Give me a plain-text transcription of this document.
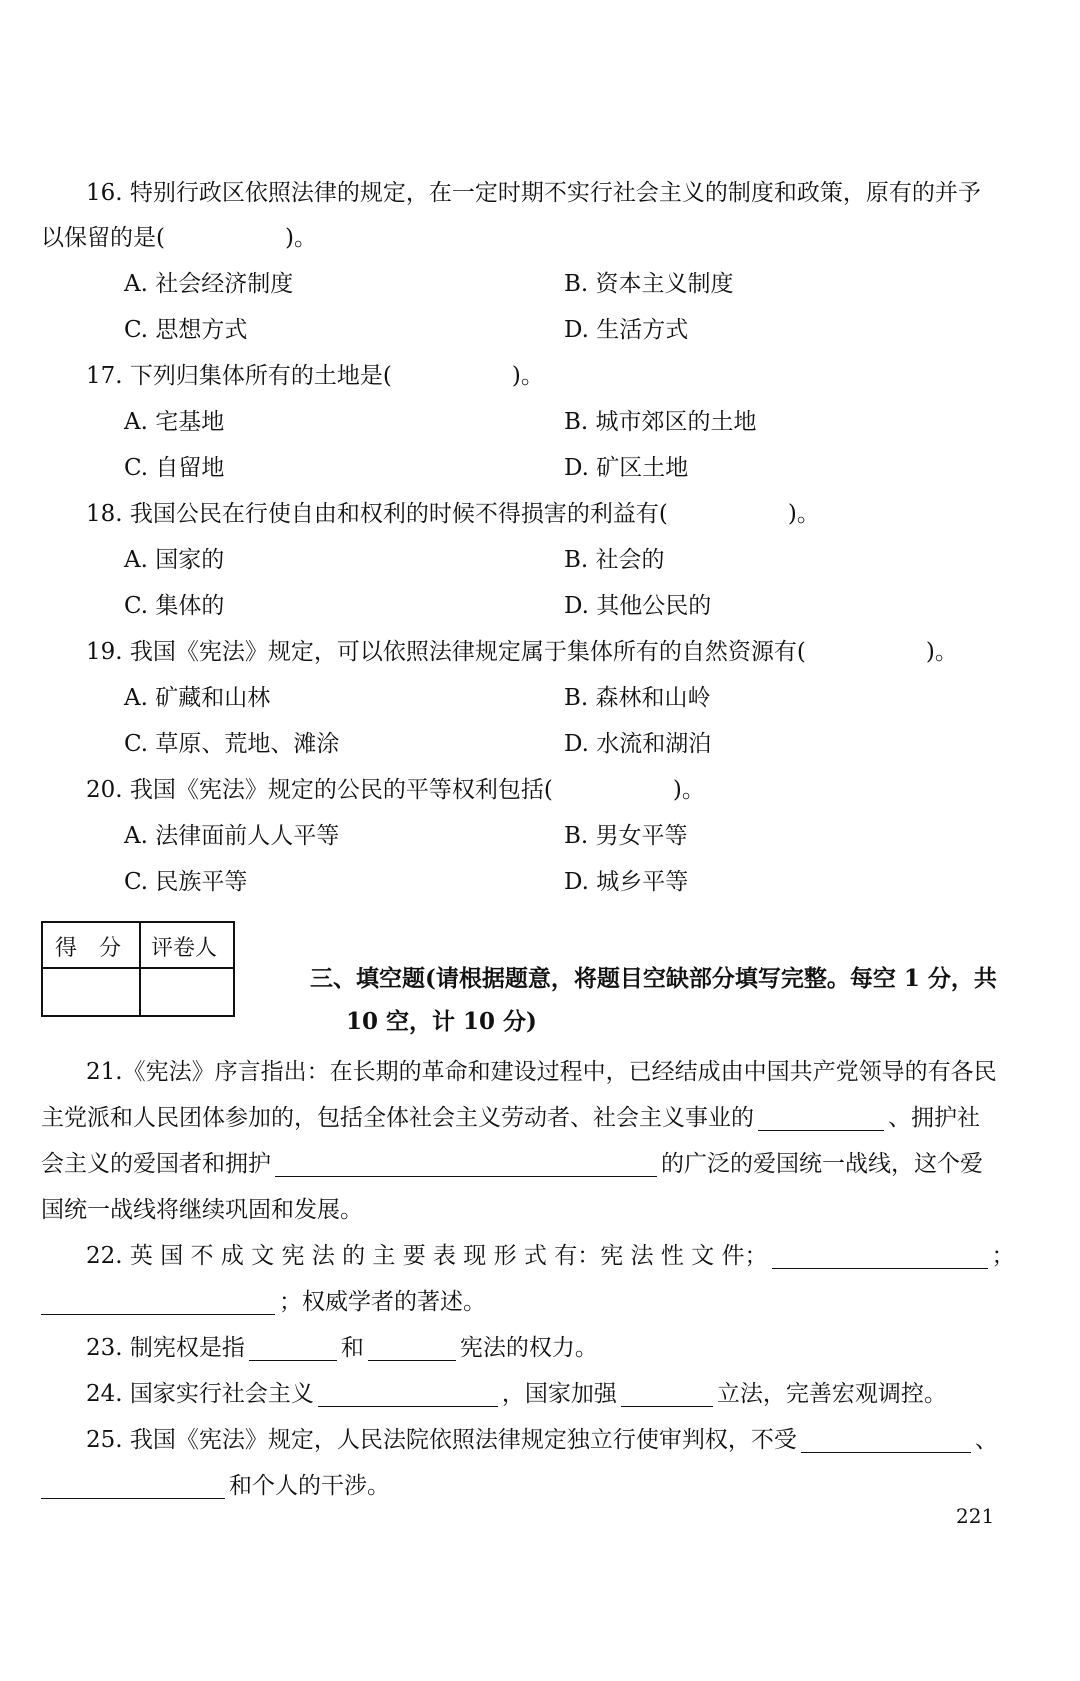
16. 特别行政区依照法律的规定，在一定时期不实行社会主义的制度和政策，原有的并予
以保留的是(	)。
A. 社会经济制度	B. 资本主义制度
C. 思想方式	D. 生活方式
17. 下列归集体所有的土地是(	)。
A. 宅基地	B. 城市郊区的土地
C. 自留地	D. 矿区土地
18. 我国公民在行使自由和权利的时候不得损害的利益有(	)。
A. 国家的	B. 社会的
C. 集体的	D. 其他公民的
19. 我国《宪法》规定，可以依照法律规定属于集体所有的自然资源有(	)。
A. 矿藏和山林	B. 森林和山岭
C. 草原、荒地、滩涂	D. 水流和湖泊
20. 我国《宪法》规定的公民的平等权利包括(	)。
A. 法律面前人人平等	B. 男女平等
C. 民族平等	D. 城乡平等
得　分 评卷人
三、填空题(请根据题意，将题目空缺部分填写完整。每空 1 分，共
10 空，计 10 分)
21.《宪法》序言指出：在长期的革命和建设过程中，已经结成由中国共产党领导的有各民
主党派和人民团体参加的，包括全体社会主义劳动者、社会主义事业的	、拥护社
会主义的爱国者和拥护	的广泛的爱国统一战线，这个爱
国统一战线将继续巩固和发展。
22. 英 国 不 成 文 宪 法 的 主 要 表 现 形 式 有：宪 法 性 文 件；	；
；权威学者的著述。
23. 制宪权是指	和	宪法的权力。
24. 国家实行社会主义	，国家加强	立法，完善宏观调控。
25. 我国《宪法》规定，人民法院依照法律规定独立行使审判权，不受	、
和个人的干涉。
221
